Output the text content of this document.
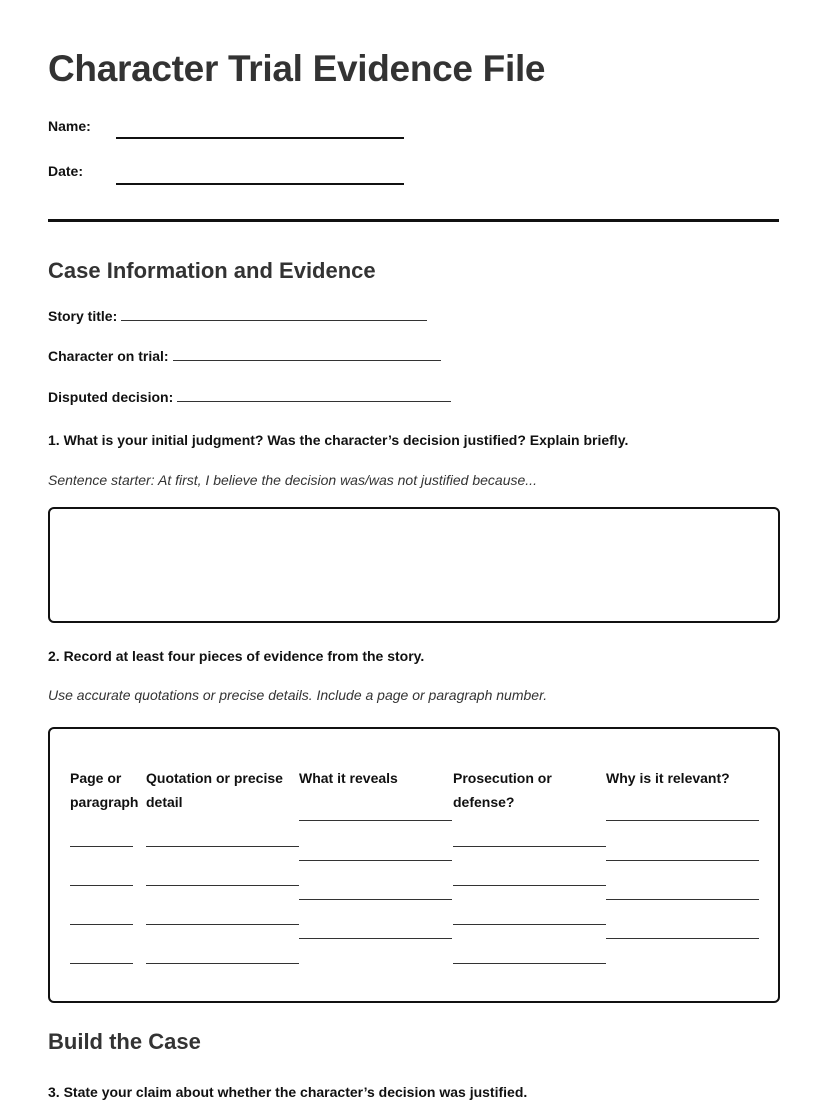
Character Trial Evidence File
Name:
Date:
Case Information and Evidence
Story title:
Character on trial:
Disputed decision:
1. What is your initial judgment? Was the character’s decision justified? Explain briefly.
Sentence starter: At first, I believe the decision was/was not justified because...
2. Record at least four pieces of evidence from the story.
Use accurate quotations or precise details. Include a page or paragraph number.
Page or paragraph
Quotation or precise detail
What it reveals	Prosecution or defense?
Why is it relevant?
Build the Case
3. State your claim about whether the character’s decision was justified.
